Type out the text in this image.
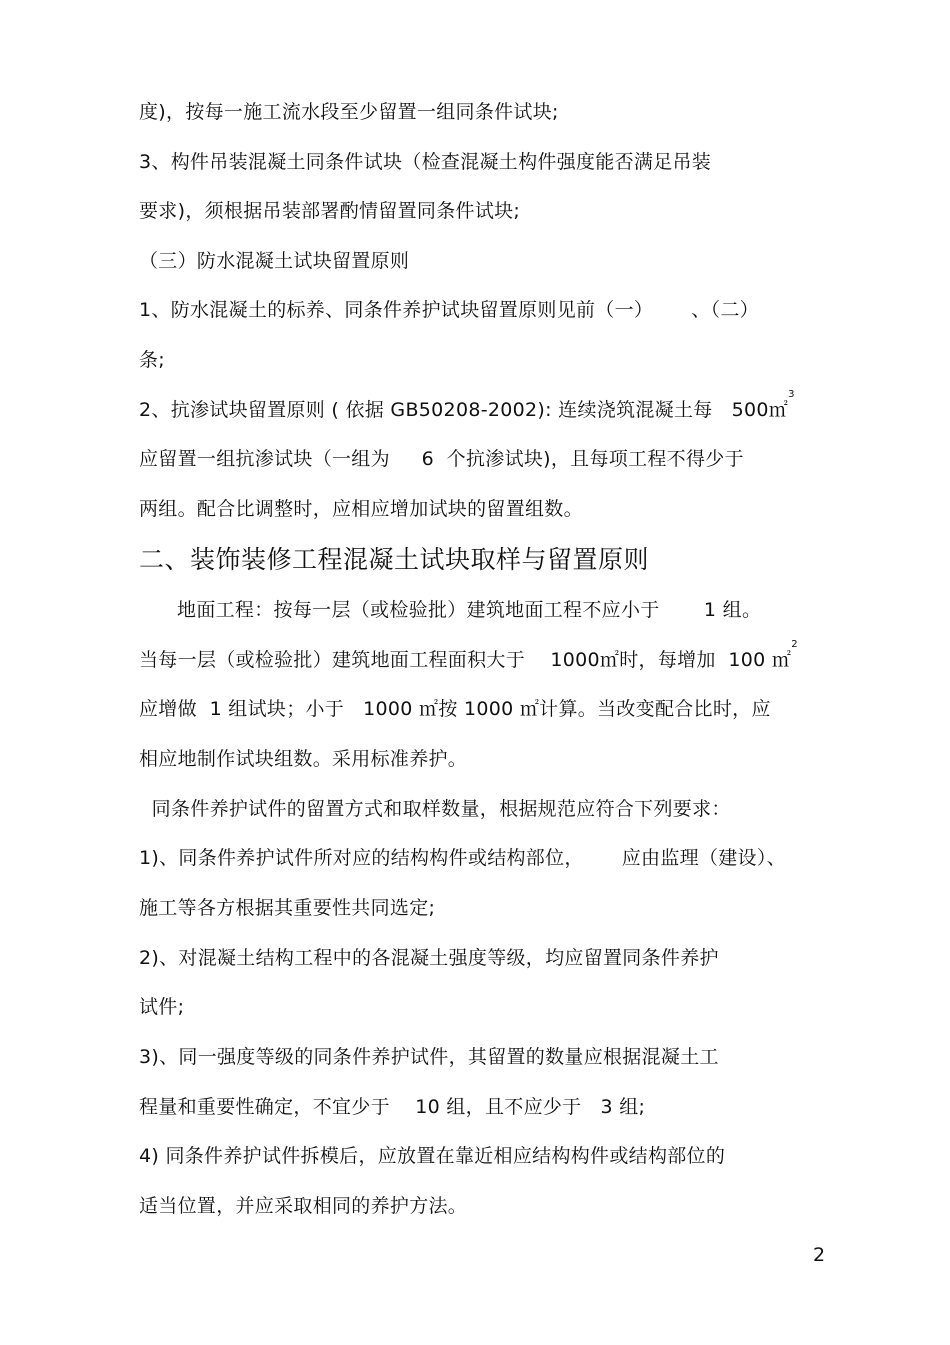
度)，按每一施工流水段至少留置一组同条件试块;
3、构件吊装混凝土同条件试块（检查混凝土构件强度能否满足吊装
要求)，须根据吊装部署酌情留置同条件试块;
（三）防水混凝土试块留置原则
1、防水混凝土的标养、同条件养护试块留置原则见前（一）      、（二）
条;
2、抗渗试块留置原则 ( 依据 GB50208-2002): 连续浇筑混凝土每   500㎡$^3$
应留置一组抗渗试块（一组为     6  个抗渗试块)，且每项工程不得少于
两组。配合比调整时，应相应增加试块的留置组数。
二、装饰装修工程混凝土试块取样与留置原则
地面工程：按每一层（或检验批）建筑地面工程不应小于       1 组。
当每一层（或检验批）建筑地面工程面积大于    1000㎡时，每增加  100 ㎡$^2$
应增做  1 组试块；小于   1000 ㎡按 1000 ㎡计算。当改变配合比时，应
相应地制作试块组数。采用标准养护。
同条件养护试件的留置方式和取样数量，根据规范应符合下列要求：
1)、同条件养护试件所对应的结构构件或结构部位，      应由监理（建设）、
施工等各方根据其重要性共同选定;
2)、对混凝土结构工程中的各混凝土强度等级，均应留置同条件养护
试件;
3)、同一强度等级的同条件养护试件，其留置的数量应根据混凝土工
程量和重要性确定，不宜少于    10 组，且不应少于   3 组;
4) 同条件养护试件拆模后，应放置在靠近相应结构构件或结构部位的
适当位置，并应采取相同的养护方法。
2
